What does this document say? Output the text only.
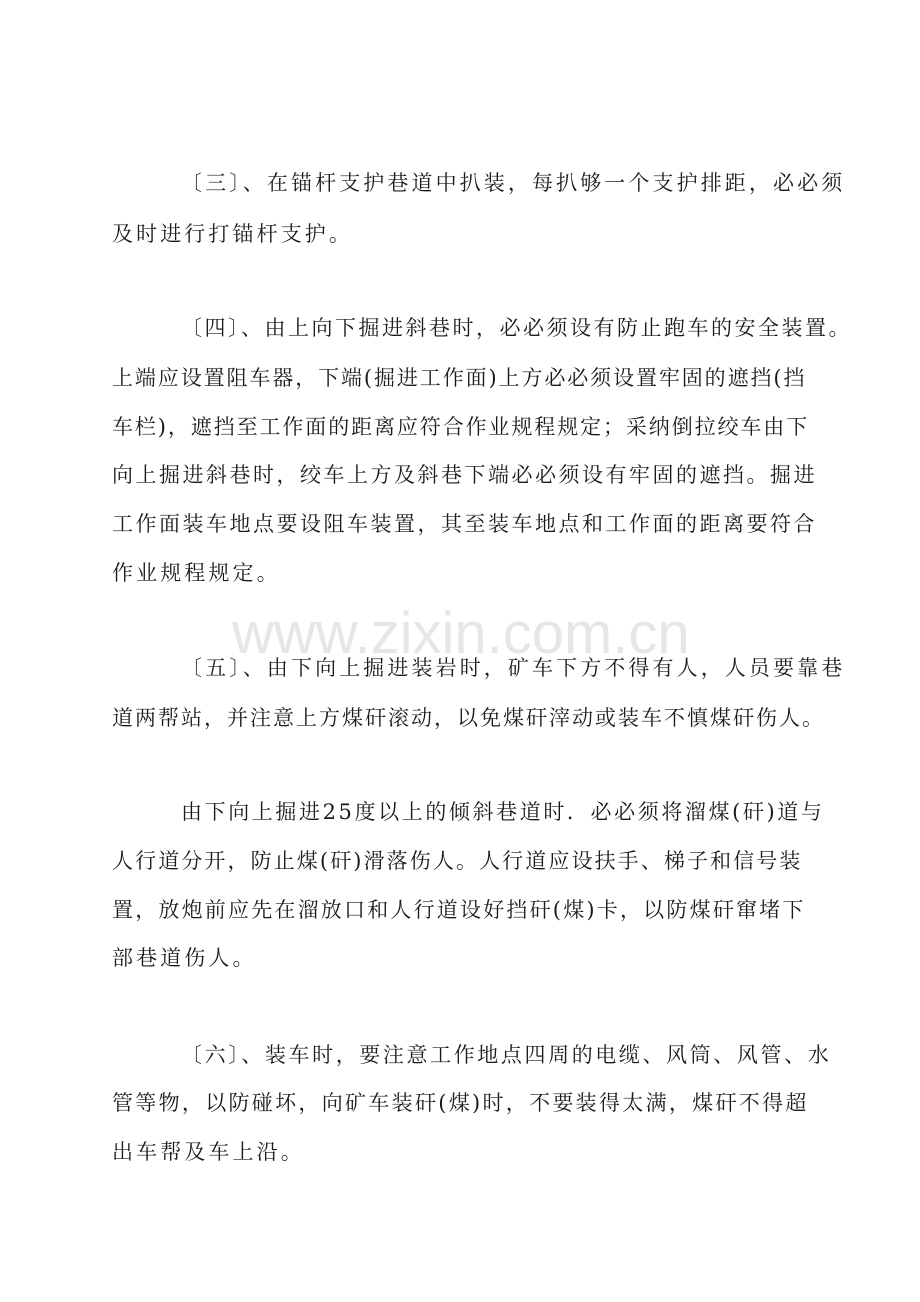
www.zixin.com.cn
〔三〕、在锚杆支护巷道中扒装，每扒够一个支护排距，必必须
及时进行打锚杆支护。
〔四〕、由上向下掘进斜巷时，必必须设有防止跑车的安全装置。
上端应设置阻车器，下端(掘进工作面)上方必必须设置牢固的遮挡(挡
车栏)，遮挡至工作面的距离应符合作业规程规定；采纳倒拉绞车由下
向上掘进斜巷时，绞车上方及斜巷下端必必须设有牢固的遮挡。掘进
工作面装车地点要设阻车装置，其至装车地点和工作面的距离要符合
作业规程规定。
〔五〕、由下向上掘进装岩时，矿车下方不得有人，人员要靠巷
道两帮站，并注意上方煤矸滚动，以免煤矸滓动或装车不慎煤矸伤人。
由下向上掘进25度以上的倾斜巷道时．必必须将溜煤(矸)道与
人行道分开，防止煤(矸)滑落伤人。人行道应设扶手、梯子和信号装
置，放炮前应先在溜放口和人行道设好挡矸(煤)卡，以防煤矸窜堵下
部巷道伤人。
〔六〕、装车时，要注意工作地点四周的电缆、风筒、风管、水
管等物，以防碰坏，向矿车装矸(煤)时，不要装得太满，煤矸不得超
出车帮及车上沿。
